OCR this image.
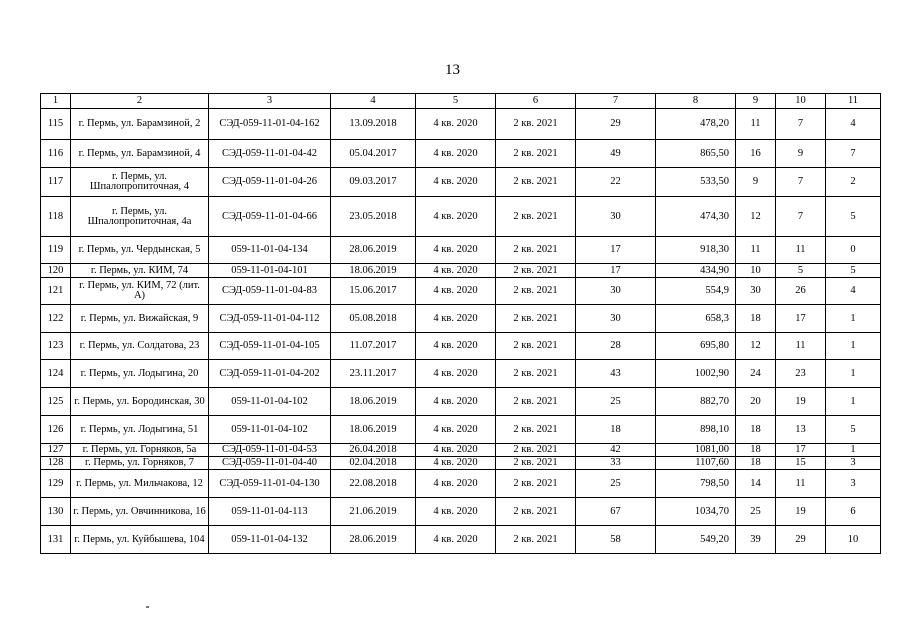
13
1	2	3	4	5	6	7	8	9	10	11
115	г. Пермь, ул. Барамзиной, 2	СЭД-059-11-01-04-162	13.09.2018	4 кв. 2020	2 кв. 2021	29	478,20	11	7	4
116	г. Пермь, ул. Барамзиной, 4	СЭД-059-11-01-04-42	05.04.2017	4 кв. 2020	2 кв. 2021	49	865,50	16	9	7
117	г. Пермь, ул. Шпалопропиточная, 4	СЭД-059-11-01-04-26	09.03.2017	4 кв. 2020	2 кв. 2021	22	533,50	9	7	2
118	г. Пермь, ул. Шпалопропиточная, 4а	СЭД-059-11-01-04-66	23.05.2018	4 кв. 2020	2 кв. 2021	30	474,30	12	7	5
119	г. Пермь, ул. Чердынская, 5	059-11-01-04-134	28.06.2019	4 кв. 2020	2 кв. 2021	17	918,30	11	11	0
120	г. Пермь, ул. КИМ, 74	059-11-01-04-101	18.06.2019	4 кв. 2020	2 кв. 2021	17	434,90	10	5	5
121	г. Пермь, ул. КИМ, 72 (лит. А)	СЭД-059-11-01-04-83	15.06.2017	4 кв. 2020	2 кв. 2021	30	554,9	30	26	4
122	г. Пермь, ул. Вижайская, 9	СЭД-059-11-01-04-112	05.08.2018	4 кв. 2020	2 кв. 2021	30	658,3	18	17	1
123	г. Пермь, ул. Солдатова, 23	СЭД-059-11-01-04-105	11.07.2017	4 кв. 2020	2 кв. 2021	28	695,80	12	11	1
124	г. Пермь, ул. Лодыгина, 20	СЭД-059-11-01-04-202	23.11.2017	4 кв. 2020	2 кв. 2021	43	1002,90	24	23	1
125	г. Пермь, ул. Бородинская, 30	059-11-01-04-102	18.06.2019	4 кв. 2020	2 кв. 2021	25	882,70	20	19	1
126	г. Пермь, ул. Лодыгина, 51	059-11-01-04-102	18.06.2019	4 кв. 2020	2 кв. 2021	18	898,10	18	13	5
127	г. Пермь, ул. Горняков, 5а	СЭД-059-11-01-04-53	26.04.2018	4 кв. 2020	2 кв. 2021	42	1081,00	18	17	1
128	г. Пермь, ул. Горняков, 7	СЭД-059-11-01-04-40	02.04.2018	4 кв. 2020	2 кв. 2021	33	1107,60	18	15	3
129	г. Пермь, ул. Мильчакова, 12	СЭД-059-11-01-04-130	22.08.2018	4 кв. 2020	2 кв. 2021	25	798,50	14	11	3
130	г. Пермь, ул. Овчинникова, 16	059-11-01-04-113	21.06.2019	4 кв. 2020	2 кв. 2021	67	1034,70	25	19	6
131	г. Пермь, ул. Куйбышева, 104	059-11-01-04-132	28.06.2019	4 кв. 2020	2 кв. 2021	58	549,20	39	29	10
